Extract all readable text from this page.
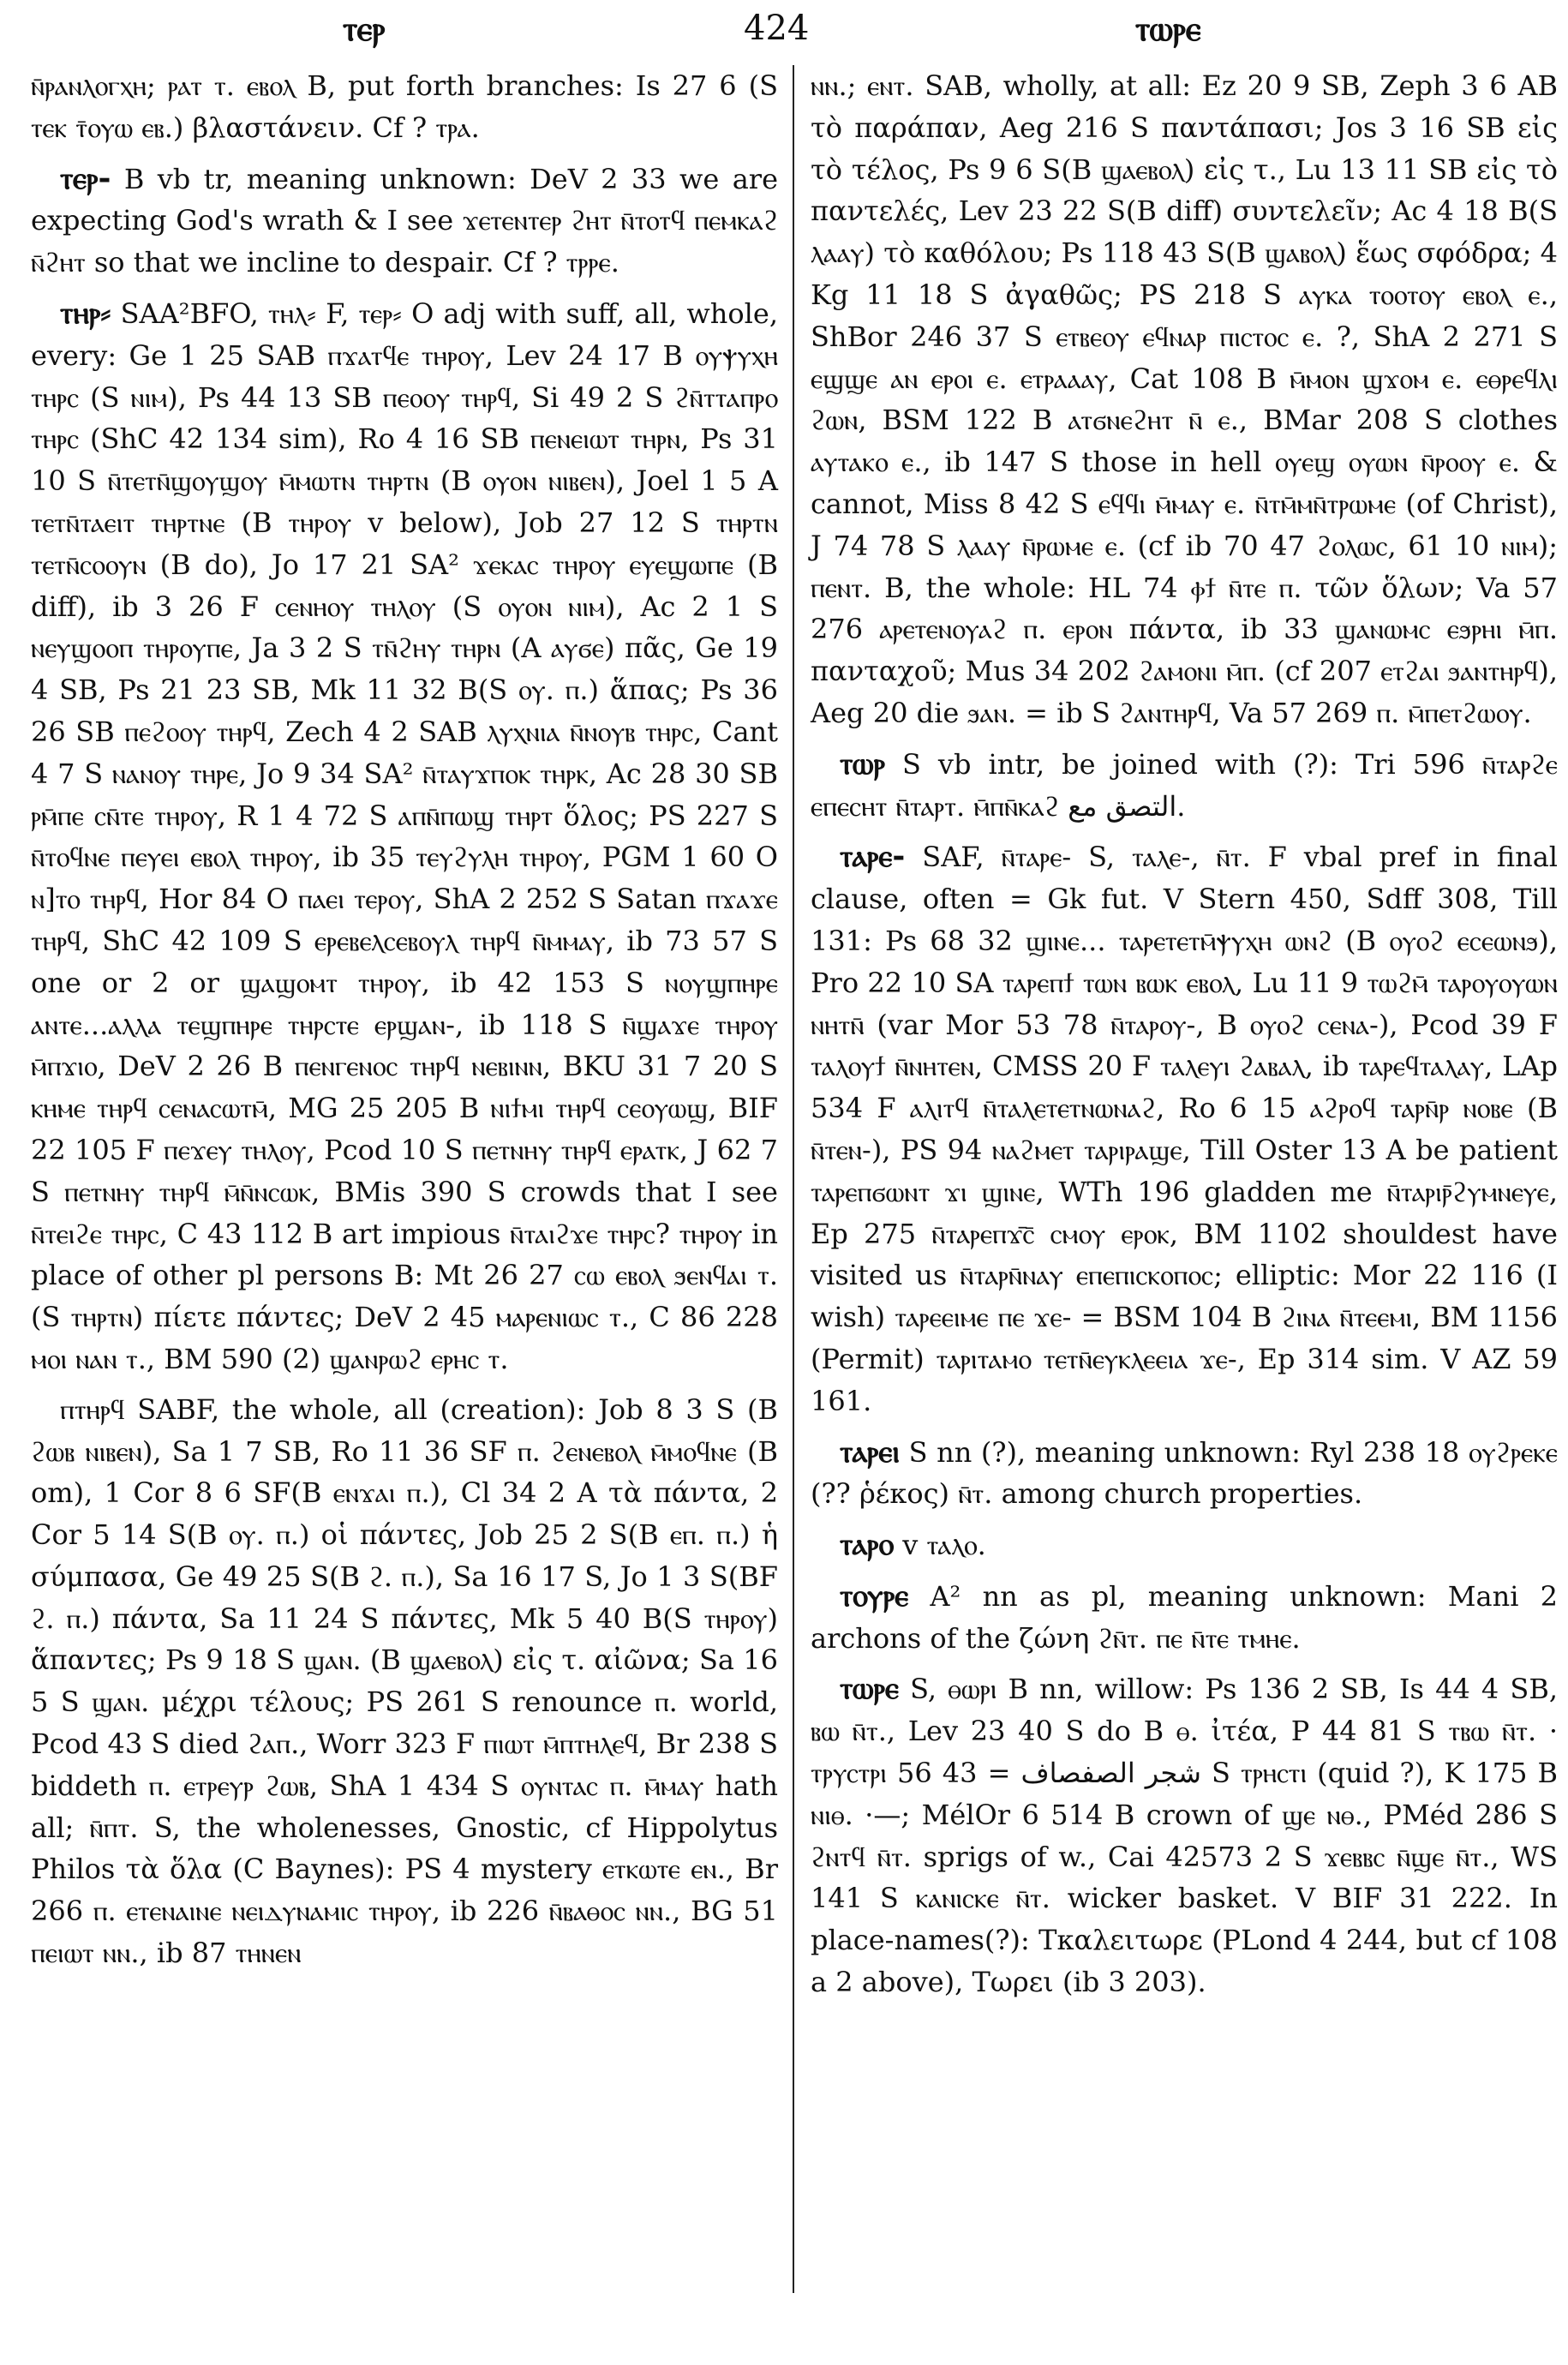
ⲧⲉⲣ	424	ⲧⲱⲣⲉ

ⲛ̄ⲣⲁⲛⲗⲟⲅⲭⲏ; ⲣⲁⲧ ⲧ. ⲉⲃⲟⲗ B, put forth branches: Is 27 6 (S ⲧⲉⲕ ⲧ̄ⲟⲩⲱ ⲉⲃ.) βλαστάνειν. Cf ? ⲧⲣⲁ.

ⲧⲉⲣ- B vb tr, meaning unknown: DeV 2 33 we are expecting God's wrath & I see ϫⲉⲧⲉⲛⲧⲉⲣ ϩⲏⲧ ⲛ̄ⲧⲟⲧϥ ⲡⲉⲙⲕⲁϩ ⲛ̄ϩⲏⲧ so that we incline to despair. Cf ? ⲧⲣⲣⲉ.

ⲧⲏⲣ⸗ SAA²BFO, ⲧⲏⲗ⸗ F, ⲧⲉⲣ⸗ O adj with suff, all, whole, every: Ge 1 25 SAB ⲡϫⲁⲧϥⲉ ⲧⲏⲣⲟⲩ, Lev 24 17 B ⲟⲩⲯⲩⲭⲏ ⲧⲏⲣⲥ (S ⲛⲓⲙ), Ps 44 13 SB ⲡⲉⲟⲟⲩ ⲧⲏⲣϥ, Si 49 2 S ϩⲛ̄ⲧⲧⲁⲡⲣⲟ ⲧⲏⲣⲥ (ShC 42 134 sim), Ro 4 16 SB ⲡⲉⲛⲉⲓⲱⲧ ⲧⲏⲣⲛ, Ps 31 10 S ⲛ̄ⲧⲉⲧⲛ̄ϣⲟⲩϣⲟⲩ ⲙ̄ⲙⲱⲧⲛ ⲧⲏⲣⲧⲛ (B ⲟⲩⲟⲛ ⲛⲓⲃⲉⲛ), Joel 1 5 A ⲧⲉⲧⲛ̄ⲧⲁⲉⲓⲧ ⲧⲏⲣⲧⲛⲉ (B ⲧⲏⲣⲟⲩ v below), Job 27 12 S ⲧⲏⲣⲧⲛ ⲧⲉⲧⲛ̄ⲥⲟⲟⲩⲛ (B do), Jo 17 21 SA² ϫⲉⲕⲁⲥ ⲧⲏⲣⲟⲩ ⲉⲩⲉϣⲱⲡⲉ (B diff), ib 3 26 F ⲥⲉⲛⲏⲟⲩ ⲧⲏⲗⲟⲩ (S ⲟⲩⲟⲛ ⲛⲓⲙ), Ac 2 1 S ⲛⲉⲩϣⲟⲟⲡ ⲧⲏⲣⲟⲩⲡⲉ, Ja 3 2 S ⲧⲛ̄ϩⲏⲩ ⲧⲏⲣⲛ (A ⲁⲩϭⲉ) πᾶς, Ge 19 4 SB, Ps 21 23 SB, Mk 11 32 B(S ⲟⲩ. ⲡ.) ἅπας; Ps 36 26 SB ⲡⲉϩⲟⲟⲩ ⲧⲏⲣϥ, Zech 4 2 SAB ⲗⲩⲭⲛⲓⲁ ⲛ̄ⲛⲟⲩⲃ ⲧⲏⲣⲥ, Cant 4 7 S ⲛⲁⲛⲟⲩ ⲧⲏⲣⲉ, Jo 9 34 SA² ⲛ̄ⲧⲁⲩϫⲡⲟⲕ ⲧⲏⲣⲕ, Ac 28 30 SB ⲣⲙ̄ⲡⲉ ⲥⲛ̄ⲧⲉ ⲧⲏⲣⲟⲩ, R 1 4 72 S ⲁⲡⲛ̄ⲡⲱϣ ⲧⲏⲣⲧ ὅλος; PS 227 S ⲛ̄ⲧⲟϥⲛⲉ ⲡⲉⲩⲉⲓ ⲉⲃⲟⲗ ⲧⲏⲣⲟⲩ, ib 35 ⲧⲉⲩϩⲩⲗⲏ ⲧⲏⲣⲟⲩ, PGM 1 60 O ⲛ]ⲧⲟ ⲧⲏⲣϥ, Hor 84 O ⲡⲁⲉⲓ ⲧⲉⲣⲟⲩ, ShA 2 252 S Satan ⲡϫⲁϫⲉ ⲧⲏⲣϥ, ShC 42 109 S ⲉⲣⲉⲃⲉⲗⲥⲉⲃⲟⲩⲗ ⲧⲏⲣϥ ⲛ̄ⲙⲙⲁⲩ, ib 73 57 S one or 2 or ϣⲁϣⲟⲙⲧ ⲧⲏⲣⲟⲩ, ib 42 153 S ⲛⲟⲩϣⲡⲏⲣⲉ ⲁⲛⲧⲉ...ⲁⲗⲗⲁ ⲧⲉϣⲡⲏⲣⲉ ⲧⲏⲣⲥⲧⲉ ⲉⲣϣⲁⲛ-, ib 118 S ⲛ̄ϣⲁϫⲉ ⲧⲏⲣⲟⲩ ⲙ̄ⲡϫⲓⲟ, DeV 2 26 B ⲡⲉⲛⲅⲉⲛⲟⲥ ⲧⲏⲣϥ ⲛⲉⲃⲓⲛⲛ, BKU 31 7 20 S ⲕⲏⲙⲉ ⲧⲏⲣϥ ⲥⲉⲛⲁⲥⲱⲧⲙ̄, MG 25 205 B ⲛⲓϯⲙⲓ ⲧⲏⲣϥ ⲥⲉⲟⲩⲱϣ, BIF 22 105 F ⲡⲉϫⲉⲩ ⲧⲏⲗⲟⲩ, Pcod 10 S ⲡⲉⲧⲛⲏⲩ ⲧⲏⲣϥ ⲉⲣⲁⲧⲕ, J 62 7 S ⲡⲉⲧⲛⲏⲩ ⲧⲏⲣϥ ⲙ̄ⲛ̄ⲛⲥⲱⲕ, BMis 390 S crowds that I see ⲛ̄ⲧⲉⲓϩⲉ ⲧⲏⲣⲥ, C 43 112 B art impious ⲛ̄ⲧⲁⲓϩϫⲉ ⲧⲏⲣⲥ? ⲧⲏⲣⲟⲩ in place of other pl persons B: Mt 26 27 ⲥⲱ ⲉⲃⲟⲗ ϧⲉⲛϥⲁⲓ ⲧ. (S ⲧⲏⲣⲧⲛ) πίετε πάντες; DeV 2 45 ⲙⲁⲣⲉⲛⲓⲱⲥ ⲧ., C 86 228 ⲙⲟⲓ ⲛⲁⲛ ⲧ., BM 590 (2) ϣⲁⲛⲣⲱϩ ⲉⲣⲏⲥ ⲧ.

ⲡⲧⲏⲣϥ SABF, the whole, all (creation): Job 8 3 S (B ϩⲱⲃ ⲛⲓⲃⲉⲛ), Sa 1 7 SB, Ro 11 36 SF ⲡ. ϩⲉⲛⲉⲃⲟⲗ ⲙ̄ⲙⲟϥⲛⲉ (B om), 1 Cor 8 6 SF(B ⲉⲛϫⲁⲓ ⲡ.), Cl 34 2 A τὰ πάντα, 2 Cor 5 14 S(B ⲟⲩ. ⲡ.) οἱ πάντες, Job 25 2 S(B ⲉⲡ. ⲡ.) ἡ σύμπασα, Ge 49 25 S(B ϩ. ⲡ.), Sa 16 17 S, Jo 1 3 S(BF ϩ. ⲡ.) πάντα, Sa 11 24 S πάντες, Mk 5 40 B(S ⲧⲏⲣⲟⲩ) ἅπαντες; Ps 9 18 S ϣⲁⲛ. (B ϣⲁⲉⲃⲟⲗ) εἰς τ. αἰῶνα; Sa 16 5 S ϣⲁⲛ. μέχρι τέλους; PS 261 S renounce ⲡ. world, Pcod 43 S died ϩⲁⲡ., Worr 323 F ⲡⲓⲱⲧ ⲙ̄ⲡⲧⲏⲗⲉϥ, Br 238 S biddeth ⲡ. ⲉⲧⲣⲉⲩⲣ ϩⲱⲃ, ShA 1 434 S ⲟⲩⲛⲧⲁⲥ ⲡ. ⲙ̄ⲙⲁⲩ hath all; ⲛ̄ⲡⲧ. S, the wholenesses, Gnostic, cf Hippolytus Philos τὰ ὅλα (C Baynes): PS 4 mystery ⲉⲧⲕⲱⲧⲉ ⲉⲛ., Br 266 ⲡ. ⲉⲧⲉⲛⲁⲓⲛⲉ ⲛⲉⲓⲇⲩⲛⲁⲙⲓⲥ ⲧⲏⲣⲟⲩ, ib 226 ⲛ̄ⲃⲁⲑⲟⲥ ⲛⲛ., BG 51 ⲡⲉⲓⲱⲧ ⲛⲛ., ib 87 ⲧⲏⲛⲉⲛ

ⲛⲛ.; ⲉⲛⲧ. SAB, wholly, at all: Ez 20 9 SB, Zeph 3 6 AB τὸ παράπαν, Aeg 216 S παντάπασι; Jos 3 16 SB εἰς τὸ τέλος, Ps 9 6 S(B ϣⲁⲉⲃⲟⲗ) εἰς τ., Lu 13 11 SB εἰς τὸ παντελές, Lev 23 22 S(B diff) συντελεῖν; Ac 4 18 B(S ⲗⲁⲁⲩ) τὸ καθόλου; Ps 118 43 S(B ϣⲁⲃⲟⲗ) ἕως σφόδρα; 4 Kg 11 18 S ἀγαθῶς; PS 218 S ⲁⲩⲕⲁ ⲧⲟⲟⲧⲟⲩ ⲉⲃⲟⲗ ⲉ., ShBor 246 37 S ⲉⲧⲃⲉⲟⲩ ⲉϥⲛⲁⲣ ⲡⲓⲥⲧⲟⲥ ⲉ. ?, ShA 2 271 S ⲉϣϣⲉ ⲁⲛ ⲉⲣⲟⲓ ⲉ. ⲉⲧⲣⲁⲁⲁⲩ, Cat 108 B ⲙ̄ⲙⲟⲛ ϣϫⲟⲙ ⲉ. ⲉⲑⲣⲉϥⲗⲓ ϩⲱⲛ, BSM 122 B ⲁⲧϭⲛⲉϩⲏⲧ ⲛ̄ ⲉ., BMar 208 S clothes ⲁⲩⲧⲁⲕⲟ ⲉ., ib 147 S those in hell ⲟⲩⲉϣ ⲟⲩⲱⲛ ⲛ̄ⲣⲟⲟⲩ ⲉ. & cannot, Miss 8 42 S ⲉϥϥⲓ ⲙ̄ⲙⲁⲩ ⲉ. ⲛ̄ⲧⲙ̄ⲙⲛ̄ⲧⲣⲱⲙⲉ (of Christ), J 74 78 S ⲗⲁⲁⲩ ⲛ̄ⲣⲱⲙⲉ ⲉ. (cf ib 70 47 ϩⲟⲗⲱⲥ, 61 10 ⲛⲓⲙ); ⲡⲉⲛⲧ. B, the whole: HL 74 ⲫϯ ⲛ̄ⲧⲉ ⲡ. τῶν ὅλων; Va 57 276 ⲁⲣⲉⲧⲉⲛⲟⲩⲁϩ ⲡ. ⲉⲣⲟⲛ πάντα, ib 33 ϣⲁⲛⲱⲙⲥ ⲉϧⲣⲏⲓ ⲙ̄ⲡ. πανταχοῦ; Mus 34 202 ϩⲁⲙⲟⲛⲓ ⲙ̄ⲡ. (cf 207 ⲉⲧϩⲁⲓ ϧⲁⲛⲧⲏⲣϥ), Aeg 20 die ϧⲁⲛ. = ib S ϩⲁⲛⲧⲏⲣϥ, Va 57 269 ⲡ. ⲙ̄ⲡⲉⲧϩⲱⲟⲩ.

ⲧⲱⲣ S vb intr, be joined with (?): Tri 596 ⲛ̄ⲧⲁⲣϩⲉ ⲉⲡⲉⲥⲏⲧ ⲛ̄ⲧⲁⲣⲧ. ⲙ̄ⲡⲛ̄ⲕⲁϩ التصق مع.

ⲧⲁⲣⲉ- SAF, ⲛ̄ⲧⲁⲣⲉ- S, ⲧⲁⲗⲉ-, ⲛ̄ⲧ. F vbal pref in final clause, often = Gk fut. V Stern 450, Sdff 308, Till 131: Ps 68 32 ϣⲓⲛⲉ... ⲧⲁⲣⲉⲧⲉⲧⲙ̄ⲯⲩⲭⲏ ⲱⲛϩ (B ⲟⲩⲟϩ ⲉⲥⲉⲱⲛϧ), Pro 22 10 SA ⲧⲁⲣⲉⲡϯ ⲧⲱⲛ ⲃⲱⲕ ⲉⲃⲟⲗ, Lu 11 9 ⲧⲱϩⲙ̄ ⲧⲁⲣⲟⲩⲟⲩⲱⲛ ⲛⲏⲧⲛ̄ (var Mor 53 78 ⲛ̄ⲧⲁⲣⲟⲩ-, B ⲟⲩⲟϩ ⲥⲉⲛⲁ-), Pcod 39 F ⲧⲁⲗⲟⲩϯ ⲛ̄ⲛⲏⲧⲉⲛ, CMSS 20 F ⲧⲁⲗⲉⲩⲓ ϩⲁⲃⲁⲗ, ib ⲧⲁⲣⲉϥⲧⲁⲗⲁⲩ, LAp 534 F ⲁⲗⲓⲧϥ ⲛ̄ⲧⲁⲗⲉⲧⲉⲧⲛⲱⲛⲁϩ, Ro 6 15 ⲁϩⲣⲟϥ ⲧⲁⲣⲛ̄ⲣ ⲛⲟⲃⲉ (B ⲛ̄ⲧⲉⲛ-), PS 94 ⲛⲁϩⲙⲉⲧ ⲧⲁⲣⲓⲣⲁϣⲉ, Till Oster 13 A be patient ⲧⲁⲣⲉⲡϭⲱⲛⲧ ϫⲓ ϣⲓⲛⲉ, WTh 196 gladden me ⲛ̄ⲧⲁⲣⲓⲣ̄ϩⲩⲙⲛⲉⲩⲉ, Ep 275 ⲛ̄ⲧⲁⲣⲉⲡϫ̄ⲥ̄ ⲥⲙⲟⲩ ⲉⲣⲟⲕ, BM 1102 shouldest have visited us ⲛ̄ⲧⲁⲣⲛ̄ⲛⲁⲩ ⲉⲡⲉⲡⲓⲥⲕⲟⲡⲟⲥ; elliptic: Mor 22 116 (I wish) ⲧⲁⲣⲉⲉⲓⲙⲉ ⲡⲉ ϫⲉ- = BSM 104 B ϩⲓⲛⲁ ⲛ̄ⲧⲉⲉⲙⲓ, BM 1156 (Permit) ⲧⲁⲣⲓⲧⲁⲙⲟ ⲧⲉⲧⲛ̄ⲉⲩⲕⲗⲉⲉⲓⲁ ϫⲉ-, Ep 314 sim. V AZ 59 161.

ⲧⲁⲣⲉⲓ S nn (?), meaning unknown: Ryl 238 18 ⲟⲩϩⲣⲉⲕⲉ (?? ῥέκος) ⲛ̄ⲧ. among church properties.

ⲧⲁⲣⲟ v ⲧⲁⲗⲟ.

ⲧⲟⲩⲣⲉ A² nn as pl, meaning unknown: Mani 2 archons of the ζώνη ϩⲛ̄ⲧ. ⲡⲉ ⲛ̄ⲧⲉ ⲧⲙⲏⲉ.

ⲧⲱⲣⲉ S, ⲑⲱⲣⲓ B nn, willow: Ps 136 2 SB, Is 44 4 SB, ⲃⲱ ⲛ̄ⲧ., Lev 23 40 S do B ⲑ. ἰτέα, P 44 81 S ⲧⲃⲱ ⲛ̄ⲧ. · ⲧⲣⲩⲥⲧⲣⲓ شجر الصفصاف = 43 56 S ⲧⲣⲏⲥⲧⲓ (quid ?), K 175 B ⲛⲓⲑ. ·—; MélOr 6 514 B crown of ϣⲉ ⲛⲑ., PMéd 286 S ϩⲛⲧϥ ⲛ̄ⲧ. sprigs of w., Cai 42573 2 S ϫⲉⲃⲃⲥ ⲛ̄ϣⲉ ⲛ̄ⲧ., WS 141 S ⲕⲁⲛⲓⲥⲕⲉ ⲛ̄ⲧ. wicker basket. V BIF 31 222. In place-names(?): Τκαλειτωρε (PLond 4 244, but cf 108 a 2 above), Τωρει (ib 3 203).
